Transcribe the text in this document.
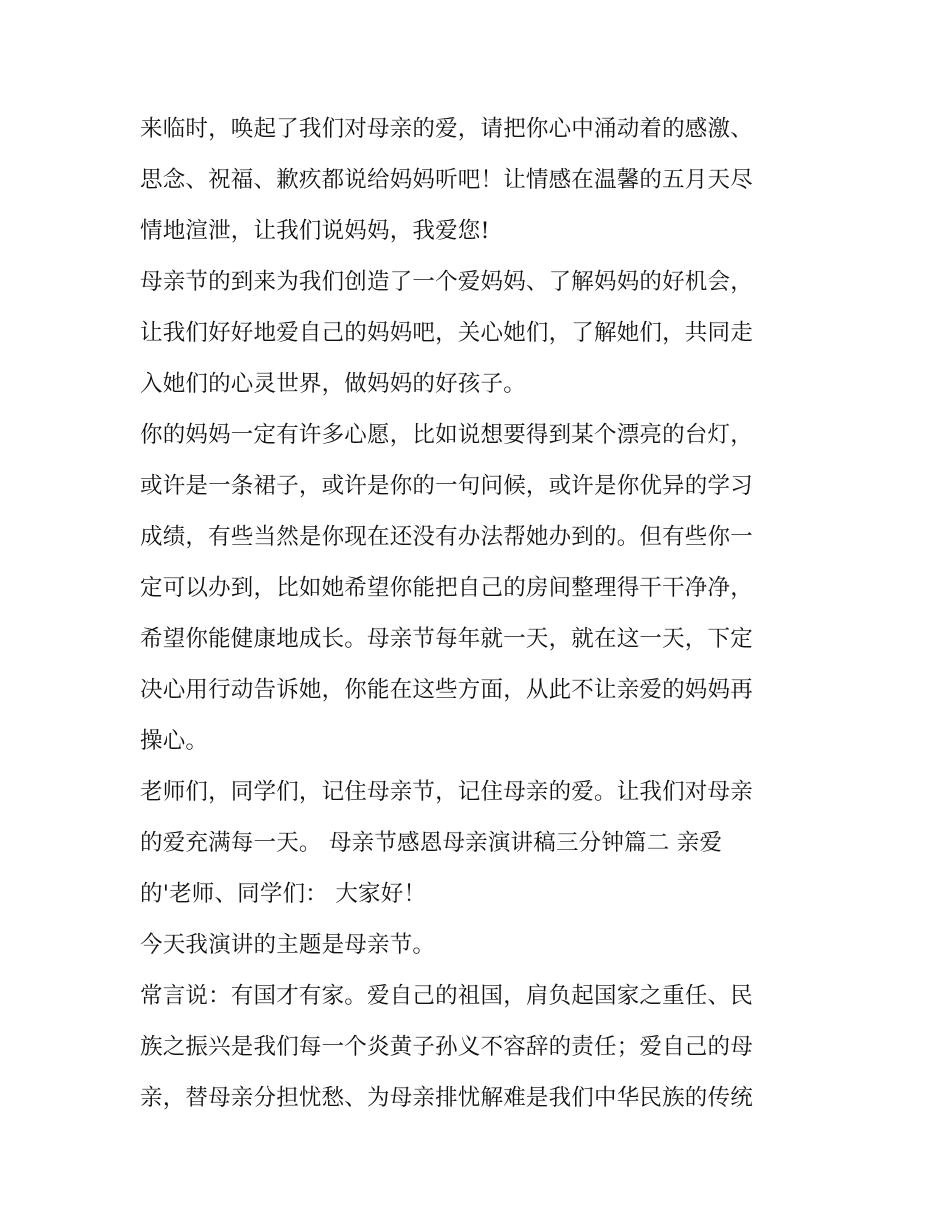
来临时，唤起了我们对母亲的爱，请把你心中涌动着的感激、
思念、祝福、歉疚都说给妈妈听吧！让情感在温馨的五月天尽
情地渲泄，让我们说妈妈，我爱您!
母亲节的到来为我们创造了一个爱妈妈、了解妈妈的好机会，
让我们好好地爱自己的妈妈吧，关心她们，了解她们，共同走
入她们的心灵世界，做妈妈的好孩子。
你的妈妈一定有许多心愿，比如说想要得到某个漂亮的台灯，
或许是一条裙子，或许是你的一句问候，或许是你优异的学习
成绩，有些当然是你现在还没有办法帮她办到的。但有些你一
定可以办到，比如她希望你能把自己的房间整理得干干净净，
希望你能健康地成长。母亲节每年就一天，就在这一天，下定
决心用行动告诉她，你能在这些方面，从此不让亲爱的妈妈再
操心。
老师们，同学们，记住母亲节，记住母亲的爱。让我们对母亲
的爱充满每一天。 母亲节感恩母亲演讲稿三分钟篇二 亲爱
的'老师、同学们： 大家好！
今天我演讲的主题是母亲节。
常言说：有国才有家。爱自己的祖国，肩负起国家之重任、民
族之振兴是我们每一个炎黄子孙义不容辞的责任；爱自己的母
亲，替母亲分担忧愁、为母亲排忧解难是我们中华民族的传统
